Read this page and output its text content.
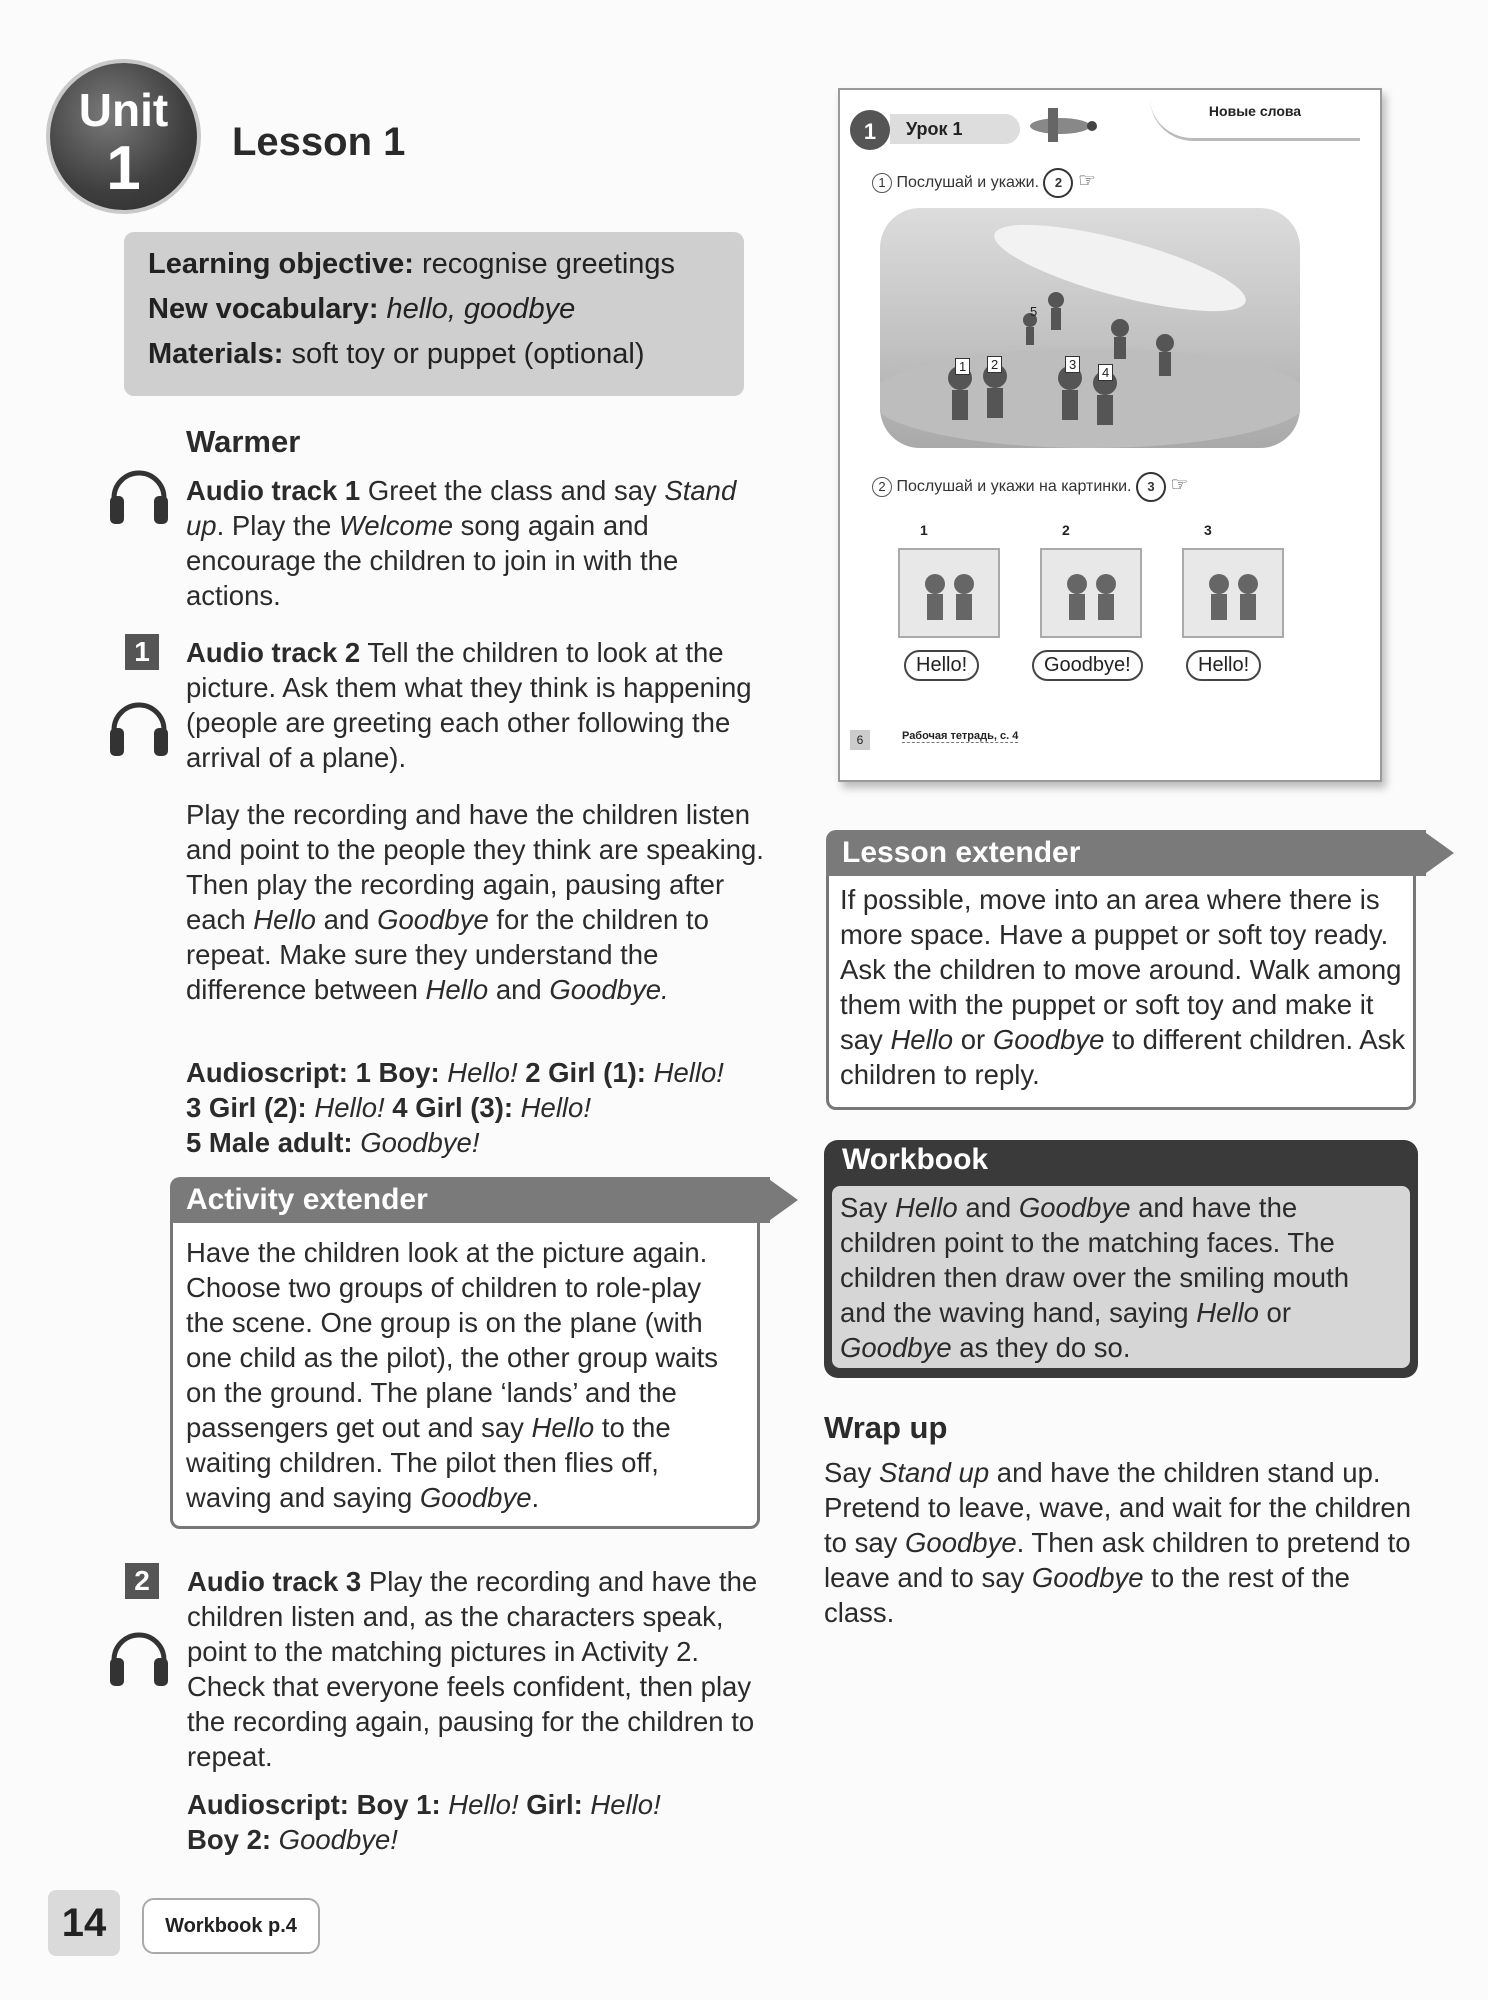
Unit
1	Lesson 1
Learning objective: recognise greetings
New vocabulary: hello, goodbye
Materials: soft toy or puppet (optional)
Warmer
Audio track 1 Greet the class and say Stand up. Play the Welcome song again and encourage the children to join in with the actions.
1	Audio track 2 Tell the children to look at the picture. Ask them what they think is happening (people are greeting each other following the arrival of a plane).
Play the recording and have the children listen and point to the people they think are speaking. Then play the recording again, pausing after each Hello and Goodbye for the children to repeat. Make sure they understand the difference between Hello and Goodbye.
Audioscript: 1 Boy: Hello! 2 Girl (1): Hello!
3 Girl (2): Hello! 4 Girl (3): Hello!
5 Male adult: Goodbye!
Activity extender
Have the children look at the picture again. Choose two groups of children to role-play the scene. One group is on the plane (with one child as the pilot), the other group waits on the ground. The plane ‘lands’ and the passengers get out and say Hello to the waiting children. The pilot then flies off, waving and saying Goodbye.
2	Audio track 3 Play the recording and have the children listen and, as the characters speak, point to the matching pictures in Activity 2. Check that everyone feels confident, then play the recording again, pausing for the children to repeat.
Audioscript: Boy 1: Hello! Girl: Hello!
Boy 2: Goodbye!
1	Урок 1
Новые слова
1 Послушай и укажи. 2 ☞
1	2	3
4
5
2 Послушай и укажи на картинки. 3 ☞
1	2	3
Hello!	Goodbye!	Hello!
6	Рабочая тетрадь, с. 4
Lesson extender
If possible, move into an area where there is more space. Have a puppet or soft toy ready. Ask the children to move around. Walk among them with the puppet or soft toy and make it say Hello or Goodbye to different children. Ask children to reply.
Workbook
Say Hello and Goodbye and have the children point to the matching faces. The children then draw over the smiling mouth and the waving hand, saying Hello or Goodbye as they do so.
Wrap up
Say Stand up and have the children stand up. Pretend to leave, wave, and wait for the children to say Goodbye. Then ask children to pretend to leave and to say Goodbye to the rest of the class.
14	Workbook p.4
